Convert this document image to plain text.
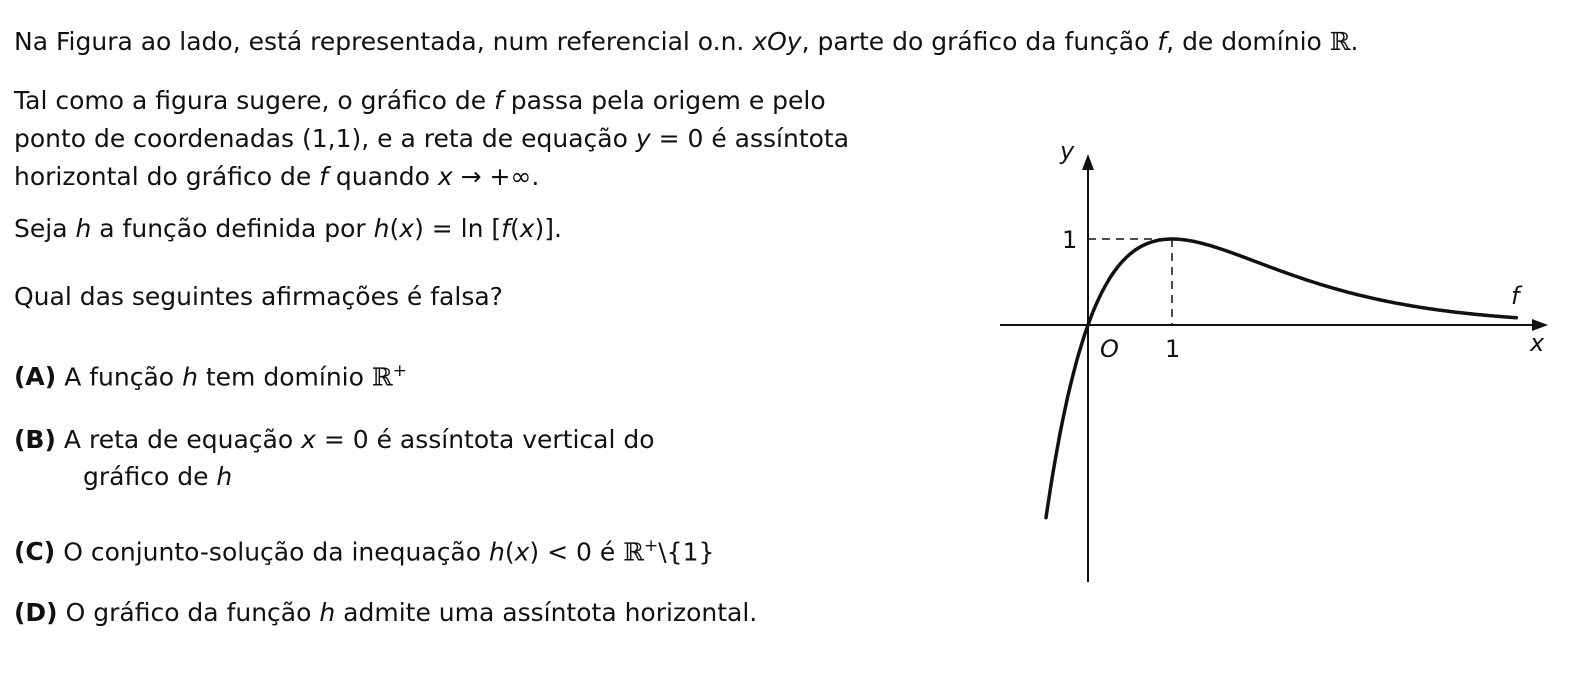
Na Figura ao lado, está representada, num referencial o.n. xOy, parte do gráfico da função f, de domínio ℝ.
Tal como a figura sugere, o gráfico de f passa pela origem e pelo
ponto de coordenadas (1,1), e a reta de equação y = 0 é assíntota
horizontal do gráfico de f quando x → +∞.
Seja h a função definida por h(x) = ln [f(x)].
Qual das seguintes afirmações é falsa?
(A) A função h tem domínio ℝ+
(B) A reta de equação x = 0 é assíntota vertical do
gráfico de h
(C) O conjunto-solução da inequação h(x) < 0 é ℝ+\{1}
(D) O gráfico da função h admite uma assíntota horizontal.
y
x
O 1
1
f
